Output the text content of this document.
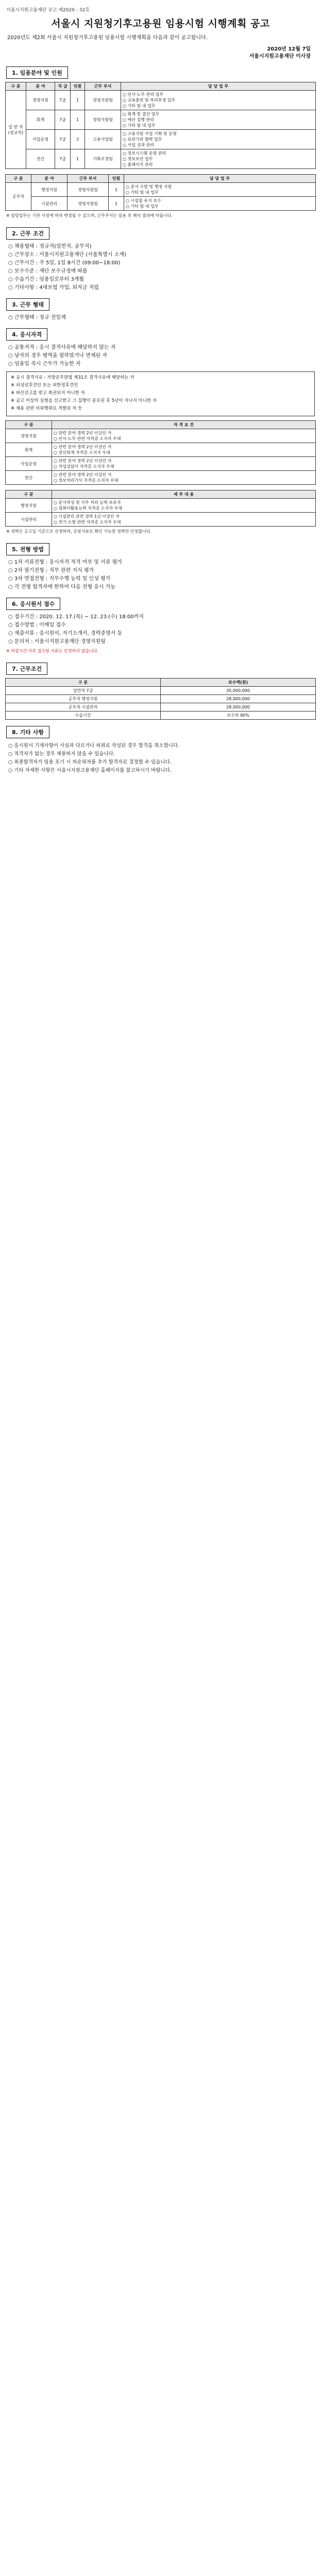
서울시지원고용재단 공고 제2020 - 32호
서울시 지원청기후고용원 임용시험 시행계획 공고
2020년도 제2회 서울시 지원청기후고용원 임용시험 시행계획을 다음과 같이 공고합니다.
2020년 12월 7일
서울시지원고용재단 이사장
1. 임용분야 및 인원
구 분	분 야	직 급	인원	근무 부서	담 당 업 무
일 반 직 (정규직)	경영지원	7급	1	경영지원팀	○ 인사·노무 관리 업무
○ 교육훈련 및 복리후생 업무
○ 기타 팀 내 업무
	회계	7급	1	경영지원팀	○ 회계 및 결산 업무
○ 예산 집행 관리
○ 기타 팀 내 업무
	사업운영	7급	2	고용사업팀	○ 고용지원 사업 기획 및 운영
○ 유관기관 협력 업무
○ 사업 성과 관리
	전산	7급	1	기획조정팀	○ 정보시스템 운영 관리
○ 정보보안 업무
○ 홈페이지 관리
구 분	분 야	근무 부서	인원	담 당 업 무
공무직	행정지원	경영지원팀	1	○ 문서 수발 및 행정 지원
○ 기타 팀 내 업무
	시설관리	경영지원팀	1	○ 시설물 유지 보수
○ 기타 팀 내 업무
※ 담당업무는 기관 사정에 따라 변경될 수 있으며, 근무부서는 임용 후 배치 결과에 따릅니다.
2. 근무 조건
○ 채용형태 : 정규직(일반직, 공무직)
○ 근무장소 : 서울시지원고용재단 (서울특별시 소재)
○ 근무시간 : 주 5일, 1일 8시간 (09:00~18:00)
○ 보수수준 : 재단 보수규정에 따름
○ 수습기간 : 임용일로부터 3개월
○ 기타사항 : 4대보험 가입, 퇴직금 적립
3. 근무 형태
○ 근무형태 : 정규 전일제
4. 응시자격
○ 공통자격 : 응시 결격사유에 해당하지 않는 자
○ 남자의 경우 병역을 필하였거나 면제된 자
○ 임용일 즉시 근무가 가능한 자
※ 응시 결격사유 : 지방공무원법 제31조 결격사유에 해당하는 자
※ 피성년후견인 또는 피한정후견인
※ 파산선고를 받고 복권되지 아니한 자
※ 금고 이상의 실형을 선고받고 그 집행이 종료된 후 5년이 지나지 아니한 자
※ 채용 관련 비위행위로 적발된 자 등
구 분	자 격 요 건
경영지원	○ 관련 분야 경력 2년 이상인 자
○ 인사·노무 관련 자격증 소지자 우대
회계	○ 관련 분야 경력 2년 이상인 자
○ 전산회계 자격증 소지자 우대
사업운영	○ 관련 분야 경력 2년 이상인 자
○ 직업상담사 자격증 소지자 우대
전산	○ 관련 분야 경력 2년 이상인 자
○ 정보처리기사 자격증 소지자 우대
구 분	세 부 내 용
행정지원	○ 문서작성 및 사무 처리 능력 보유자
○ 컴퓨터활용능력 자격증 소지자 우대
시설관리	○ 시설관리 관련 경력 1년 이상인 자
○ 전기·소방 관련 자격증 소지자 우대
※ 경력은 공고일 기준으로 산정하며, 증빙서류로 확인 가능한 경력만 인정합니다.
5. 전형 방법
○ 1차 서류전형 : 응시자격 적격 여부 및 서류 평가
○ 2차 필기전형 : 직무 관련 지식 평가
○ 3차 면접전형 : 직무수행 능력 및 인성 평가
○ 각 전형 합격자에 한하여 다음 전형 응시 가능
6. 응시원서 접수
○ 접수기간 : 2020. 12. 17.(목) ~ 12. 23.(수) 18:00까지
○ 접수방법 : 이메일 접수
○ 제출서류 : 응시원서, 자기소개서, 경력증명서 등
○ 문의처 : 서울시지원고용재단 경영지원팀
※ 마감시간 이후 접수된 서류는 인정하지 않습니다.
7. 근무조건
구 분	보수액(원)
일반직 7급	35,000,000
공무직 행정지원	28,000,000
공무직 시설관리	28,000,000
수습기간	보수의 90%
8. 기타 사항
○ 응시원서 기재사항이 사실과 다르거나 허위로 작성된 경우 합격을 취소합니다.
○ 적격자가 없는 경우 채용하지 않을 수 있습니다.
○ 최종합격자가 임용 포기 시 차순위자를 추가 합격자로 결정할 수 있습니다.
○ 기타 자세한 사항은 서울시지원고용재단 홈페이지를 참고하시기 바랍니다.
